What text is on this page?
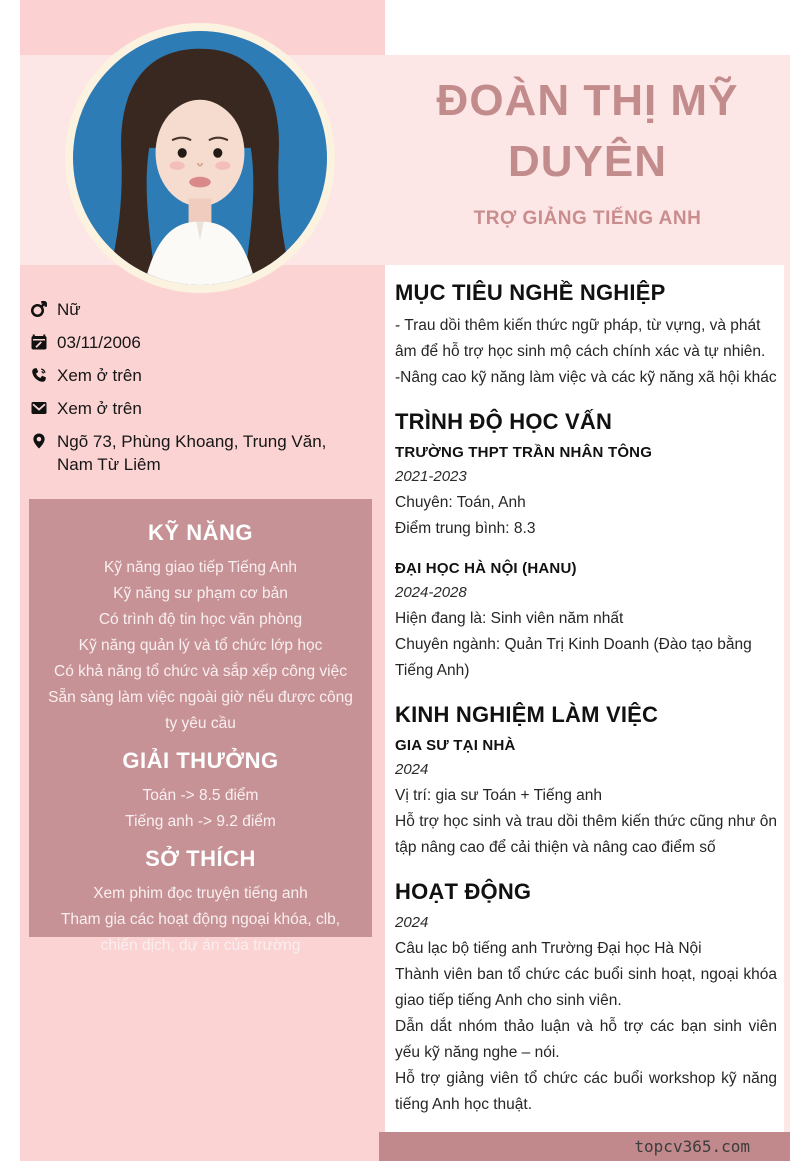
ĐOÀN THỊ MỸ DUYÊN
TRỢ GIẢNG TIẾNG ANH
Nữ
03/11/2006
Xem ở trên
Xem ở trên
Ngõ 73, Phùng Khoang, Trung Văn, Nam Từ Liêm
KỸ NĂNG
Kỹ năng giao tiếp Tiếng Anh
Kỹ năng sư phạm cơ bản
Có trình độ tin học văn phòng
Kỹ năng quản lý và tổ chức lớp học
Có khả năng tổ chức và sắp xếp công việc
Sẵn sàng làm việc ngoài giờ nếu được công ty yêu cầu
GIẢI THƯỞNG
Toán -> 8.5 điểm
Tiếng anh -> 9.2 điểm
SỞ THÍCH
Xem phim đọc truyện tiếng anh
Tham gia các hoạt động ngoại khóa, clb, chiến dịch, dự án của trường
MỤC TIÊU NGHỀ NGHIỆP

- Trau dồi thêm kiến thức ngữ pháp, từ vựng, và phát âm để hỗ trợ học sinh mộ cách chính xác và tự nhiên.

-Nâng cao kỹ năng làm việc và các kỹ năng xã hội khác

TRÌNH ĐỘ HỌC VẤN

TRƯỜNG THPT TRẦN NHÂN TÔNG

2021-2023

Chuyên: Toán, Anh

Điểm trung bình: 8.3

ĐẠI HỌC HÀ NỘI (HANU)

2024-2028

Hiện đang là: Sinh viên năm nhất

Chuyên ngành: Quản Trị Kinh Doanh (Đào tạo bằng Tiếng Anh)

KINH NGHIỆM LÀM VIỆC

GIA SƯ TẠI NHÀ

2024

Vị trí: gia sư Toán + Tiếng anh

Hỗ trợ học sinh và trau dồi thêm kiến thức cũng như ôn tập nâng cao để cải thiện và nâng cao điểm số

HOẠT ĐỘNG

2024

Câu lạc bộ tiếng anh Trường Đại học Hà Nội

Thành viên ban tổ chức các buổi sinh hoạt, ngoại khóa giao tiếp tiếng Anh cho sinh viên.

Dẫn dắt nhóm thảo luận và hỗ trợ các bạn sinh viên yếu kỹ năng nghe – nói.

Hỗ trợ giảng viên tổ chức các buổi workshop kỹ năng tiếng Anh học thuật.

topcv365.com
